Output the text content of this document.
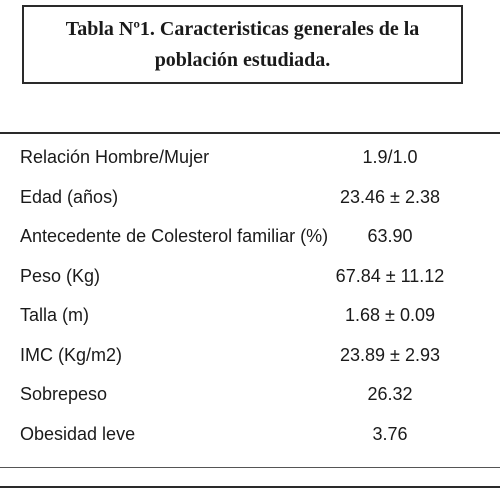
Tabla Nº1. Caracteristicas generales de la población estudiada.
Relación Hombre/Mujer	1.9/1.0
Edad (años)	23.46 ± 2.38
Antecedente de Colesterol familiar (%) 63.90
Peso (Kg)	67.84 ± 11.12
Talla (m)	1.68 ± 0.09
IMC (Kg/m2)	23.89 ± 2.93
Sobrepeso	26.32
Obesidad leve	3.76
